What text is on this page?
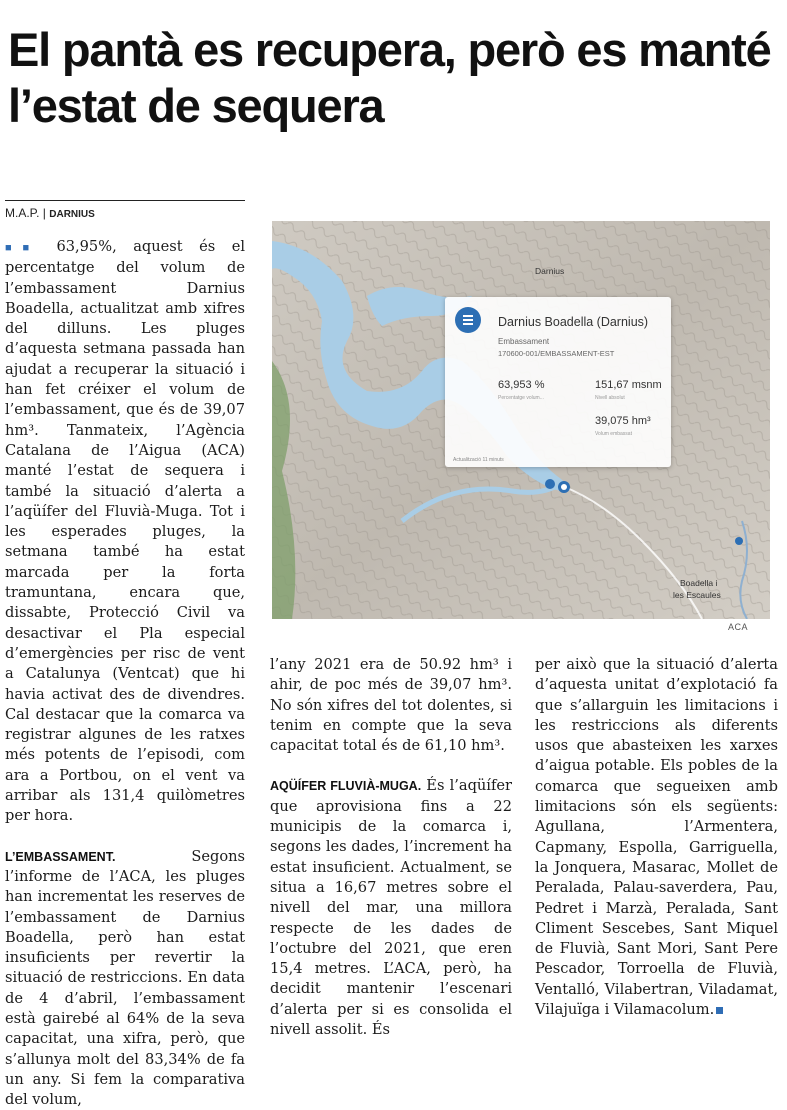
El pantà es recupera, però es manté l’estat de sequera
M.A.P. | DARNIUS

■■ 63,95%, aquest és el percentatge del volum de l’embassament Darnius Boadella, actualitzat amb xifres del dilluns. Les pluges d’aquesta setmana passada han ajudat a recuperar la situació i han fet créixer el volum de l’embassament, que és de 39,07 hm³. Tanmateix, l’Agència Catalana de l’Aigua (ACA) manté l’estat de sequera i també la situació d’alerta a l’aqüífer del Fluvià-Muga. Tot i les esperades pluges, la setmana també ha estat marcada per la forta tramuntana, encara que, dissabte, Protecció Civil va desactivar el Pla especial d’emergències per risc de vent a Catalunya (Ventcat) que hi havia activat des de divendres. Cal destacar que la comarca va registrar algunes de les ratxes més potents de l’episodi, com ara a Portbou, on el vent va arribar als 131,4 quilòmetres per hora.

L’EMBASSAMENT.	Segons l’informe de l’ACA, les pluges han incrementat les reserves de l’embassament de Darnius Boadella, però han estat insuficients per revertir la situació de restriccions. En data de 4 d’abril, l’embassament està gairebé al 64% de la seva capacitat, una xifra, però, que s’allunya molt del 83,34% de fa un any. Si fem la comparativa del volum,

Darnius
Boadella i
les Escaules
Darnius Boadella (Darnius)
Embassament
170600-001/EMBASSAMENT-EST
63,953 %
Percentatge volum...
151,67 msnm
Nivell absolut
39,075 hm³
Volum embassat
Actualització 11 minuts
ACA

l’any 2021 era de 50.92 hm³ i ahir, de poc més de 39,07 hm³. No són xifres del tot dolentes, si tenim en compte que la seva capacitat total és de 61,10 hm³.

AQÜÍFER FLUVIÀ-MUGA. És l’aqüífer que aprovisiona fins a 22 municipis de la comarca i, segons les dades, l’increment ha estat insuficient. Actualment, se situa a 16,67 metres sobre el nivell del mar, una millora respecte de les dades de l’octubre del 2021, que eren 15,4 metres. L’ACA, però, ha decidit mantenir l’escenari d’alerta per si es consolida el nivell assolit. És

per això que la situació d’alerta d’aquesta unitat d’explotació fa que s’allarguin les limitacions i les restriccions als diferents usos que abasteixen les xarxes d’aigua potable. Els pobles de la comarca que segueixen amb limitacions són els següents: Agullana, l’Armentera, Capmany, Espolla, Garriguella, la Jonquera, Masarac, Mollet de Peralada, Palau-saverdera, Pau, Pedret i Marzà, Peralada, Sant Climent Sescebes, Sant Miquel de Fluvià, Sant Mori, Sant Pere Pescador, Torroella de Fluvià, Ventalló, Vilabertran, Viladamat, Vilajuïga i Vilamacolum.
